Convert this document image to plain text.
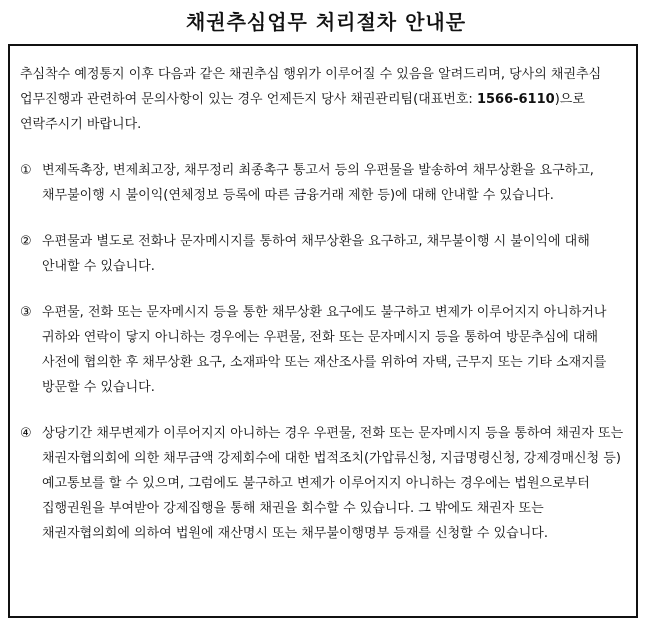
채권추심업무 처리절차 안내문

추심착수 예정통지 이후 다음과 같은 채권추심 행위가 이루어질 수 있음을 알려드리며, 당사의 채권추심 업무진행과 관련하여 문의사항이 있는 경우 언제든지 당사 채권관리팀(대표번호: 1566-6110)으로 연락주시기 바랍니다.

① 변제독촉장, 변제최고장, 채무정리 최종촉구 통고서 등의 우편물을 발송하여 채무상환을 요구하고, 채무불이행 시 불이익(연체정보 등록에 따른 금융거래 제한 등)에 대해 안내할 수 있습니다.
② 우편물과 별도로 전화나 문자메시지를 통하여 채무상환을 요구하고, 채무불이행 시 불이익에 대해 안내할 수 있습니다.
③ 우편물, 전화 또는 문자메시지 등을 통한 채무상환 요구에도 불구하고 변제가 이루어지지 아니하거나 귀하와 연락이 닿지 아니하는 경우에는 우편물, 전화 또는 문자메시지 등을 통하여 방문추심에 대해 사전에 협의한 후 채무상환 요구, 소재파악 또는 재산조사를 위하여 자택, 근무지 또는 기타 소재지를 방문할 수 있습니다.
④ 상당기간 채무변제가 이루어지지 아니하는 경우 우편물, 전화 또는 문자메시지 등을 통하여 채권자 또는 채권자협의회에 의한 채무금액 강제회수에 대한 법적조치(가압류신청, 지급명령신청, 강제경매신청 등) 예고통보를 할 수 있으며, 그럼에도 불구하고 변제가 이루어지지 아니하는 경우에는 법원으로부터 집행권원을 부여받아 강제집행을 통해 채권을 회수할 수 있습니다. 그 밖에도 채권자 또는 채권자협의회에 의하여 법원에 재산명시 또는 채무불이행명부 등재를 신청할 수 있습니다.
